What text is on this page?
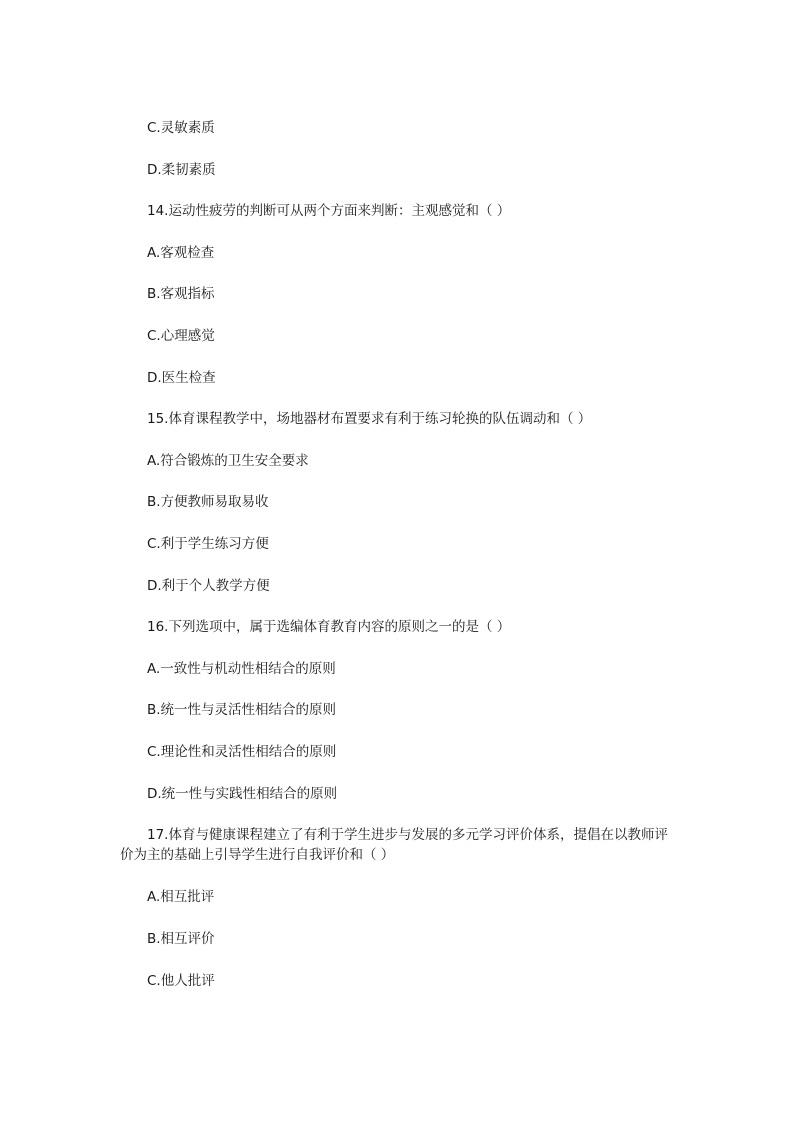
C.灵敏素质
D.柔韧素质
14.运动性疲劳的判断可从两个方面来判断：主观感觉和（ ）
A.客观检查
B.客观指标
C.心理感觉
D.医生检查
15.体育课程教学中，场地器材布置要求有利于练习轮换的队伍调动和（ ）
A.符合锻炼的卫生安全要求
B.方便教师易取易收
C.利于学生练习方便
D.利于个人教学方便
16.下列选项中，属于选编体育教育内容的原则之一的是（ ）
A.一致性与机动性相结合的原则
B.统一性与灵活性相结合的原则
C.理论性和灵活性相结合的原则
D.统一性与实践性相结合的原则
17.体育与健康课程建立了有利于学生进步与发展的多元学习评价体系，提倡在以教师评价为主的基础上引导学生进行自我评价和（ ）
A.相互批评
B.相互评价
C.他人批评
